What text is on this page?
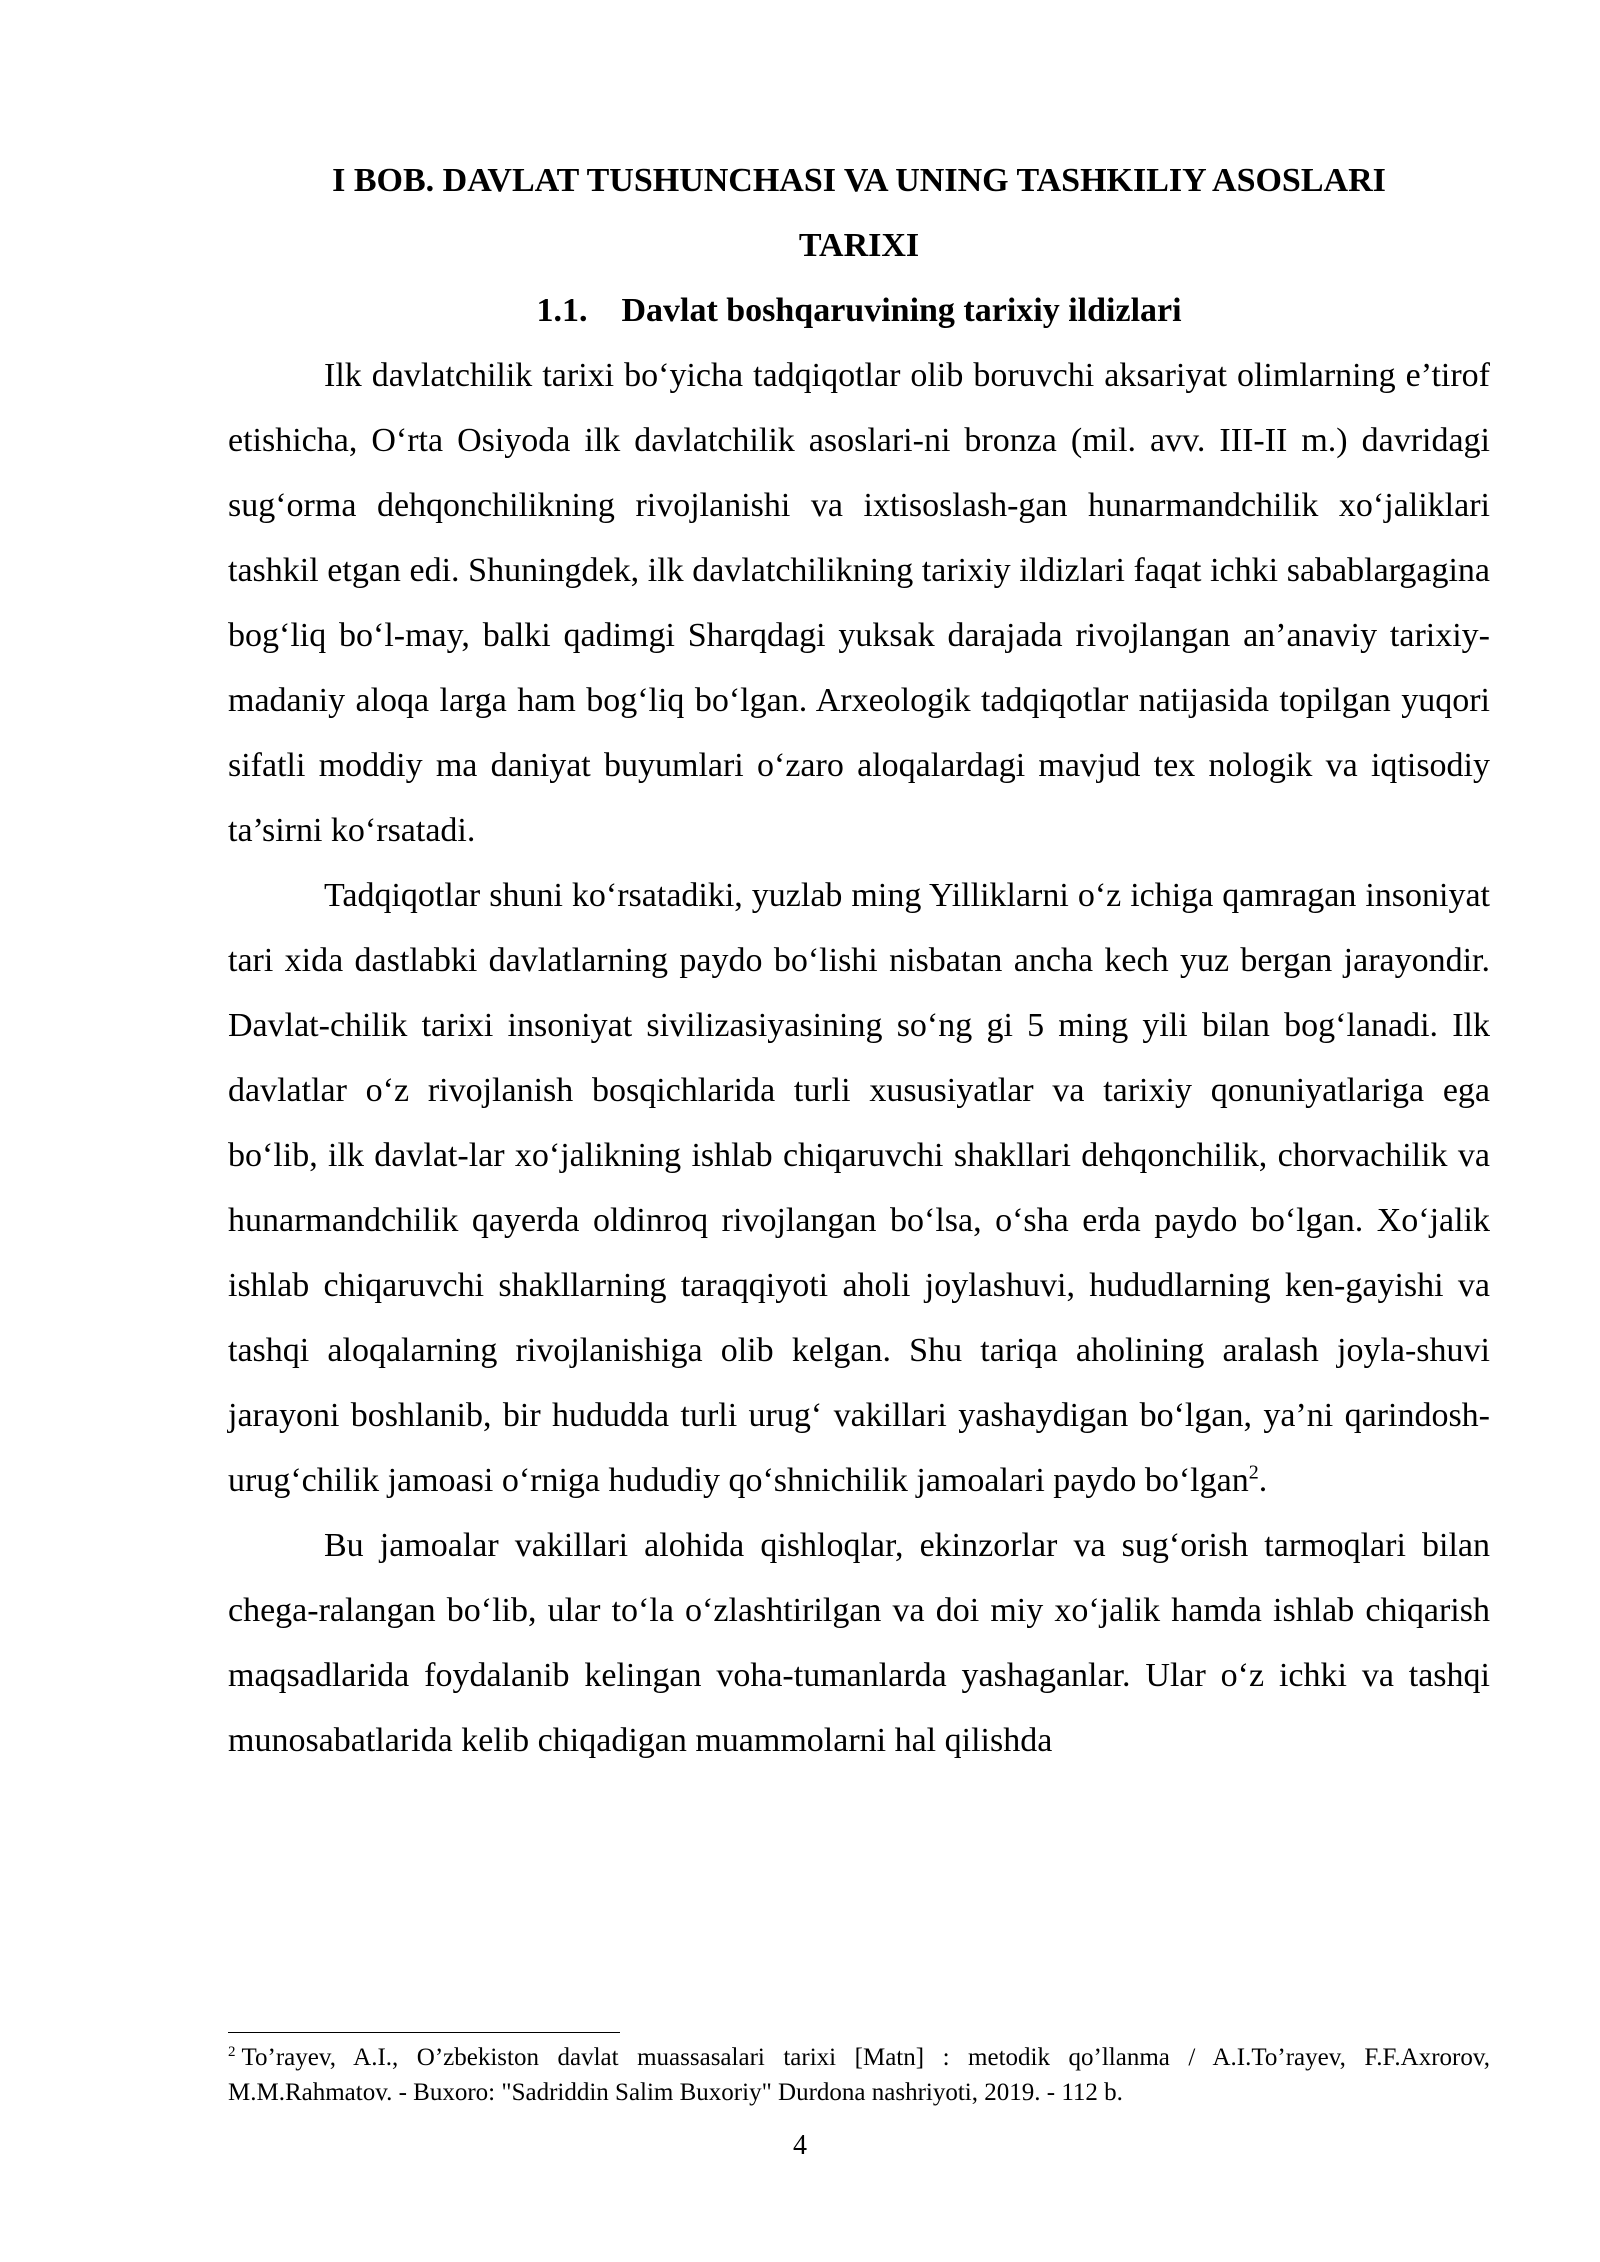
I BOB. DAVLAT TUSHUNCHASI VA UNING TASHKILIY ASOSLARI
TARIXI
1.1. Davlat boshqaruvining tarixiy ildizlari

Ilk davlatchilik tarixi bo‘yicha tadqiqotlar olib boruvchi aksariyat olimlarning e’tirof etishicha, O‘rta Osiyoda ilk davlatchilik asoslari-ni bronza (mil. avv. III-II m.) davridagi sug‘orma dehqonchilikning rivojlanishi va ixtisoslash-gan hunarmandchilik xo‘jaliklari tashkil etgan edi. Shuningdek, ilk davlatchilikning tarixiy ildizlari faqat ichki sabablargagina bog‘liq bo‘l-may, balki qadimgi Sharqdagi yuksak darajada rivojlangan an’anaviy tarixiy-madaniy aloqa larga ham bog‘liq bo‘lgan. Arxeologik tadqiqotlar natijasida topilgan yuqori sifatli moddiy ma daniyat buyumlari o‘zaro aloqalardagi mavjud tex nologik va iqtisodiy ta’sirni ko‘rsatadi.

Tadqiqotlar shuni ko‘rsatadiki, yuzlab ming Yilliklarni o‘z ichiga qamragan insoniyat tari xida dastlabki davlatlarning paydo bo‘lishi nisbatan ancha kech yuz bergan jarayondir. Davlat-chilik tarixi insoniyat sivilizasiyasining so‘ng gi 5 ming yili bilan bog‘lanadi. Ilk davlatlar o‘z rivojlanish bosqichlarida turli xususiyatlar va tarixiy qonuniyatlariga ega bo‘lib, ilk davlat-lar xo‘jalikning ishlab chiqaruvchi shakllari dehqonchilik, chorvachilik va hunarmandchilik qayerda oldinroq rivojlangan bo‘lsa, o‘sha erda paydo bo‘lgan. Xo‘jalik ishlab chiqaruvchi shakllarning taraqqiyoti aholi joylashuvi, hududlarning ken-gayishi va tashqi aloqalarning rivojlanishiga olib kelgan. Shu tariqa aholining aralash joyla-shuvi jarayoni boshlanib, bir hududda turli urug‘ vakillari yashaydigan bo‘lgan, ya’ni qarindosh-urug‘chilik jamoasi o‘rniga hududiy qo‘shnichilik jamoalari paydo bo‘lgan$^2$.

Bu jamoalar vakillari alohida qishloqlar, ekinzorlar va sug‘orish tarmoqlari bilan chega-ralangan bo‘lib, ular to‘la o‘zlashtirilgan va doi miy xo‘jalik hamda ishlab chiqarish maqsadlarida foydalanib kelingan voha-tumanlarda yashaganlar. Ular o‘z ichki va tashqi munosabatlarida kelib chiqadigan muammolarni hal qilishda

$^2$ To’rayev, A.I., O’zbekiston davlat muassasalari tarixi [Matn] : metodik qo’llanma / A.I.To’rayev, F.F.Axrorov, M.M.Rahmatov. - Buxoro: "Sadriddin Salim Buxoriy" Durdona nashriyoti, 2019. - 112 b.

4
